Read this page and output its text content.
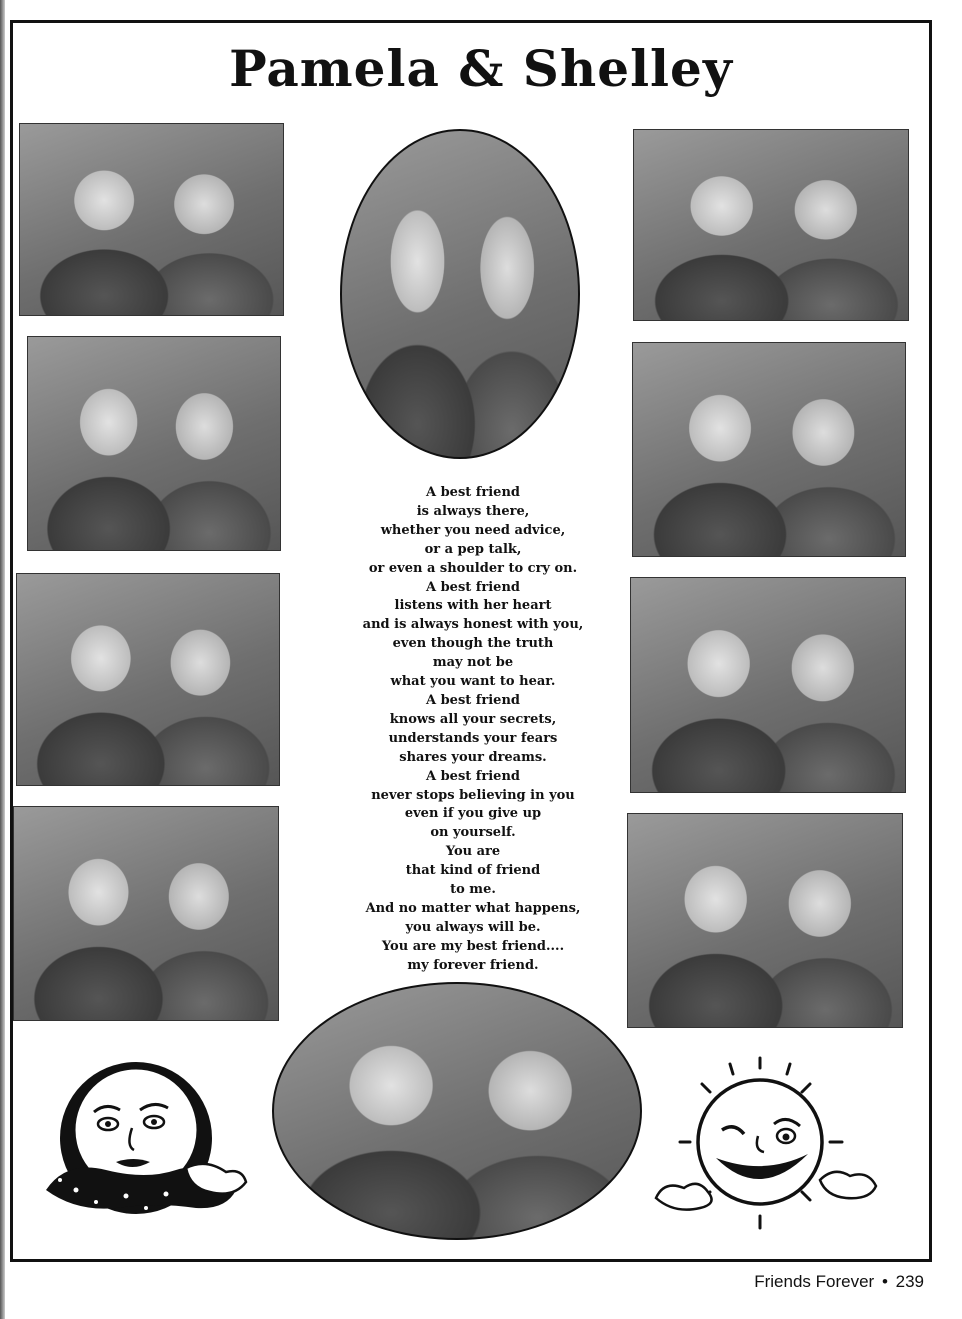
Pamela & Shelley
A best friend
is always there,
whether you need advice,
or a pep talk,
or even a shoulder to cry on.
A best friend
listens with her heart
and is always honest with you,
even though the truth
may not be
what you want to hear.
A best friend
knows all your secrets,
understands your fears
shares your dreams.
A best friend
never stops believing in you
even if you give up
on yourself.
You are
that kind of friend
to me.
And no matter what happens,
you always will be.
You are my best friend....
my forever friend.
Friends Forever • 239
